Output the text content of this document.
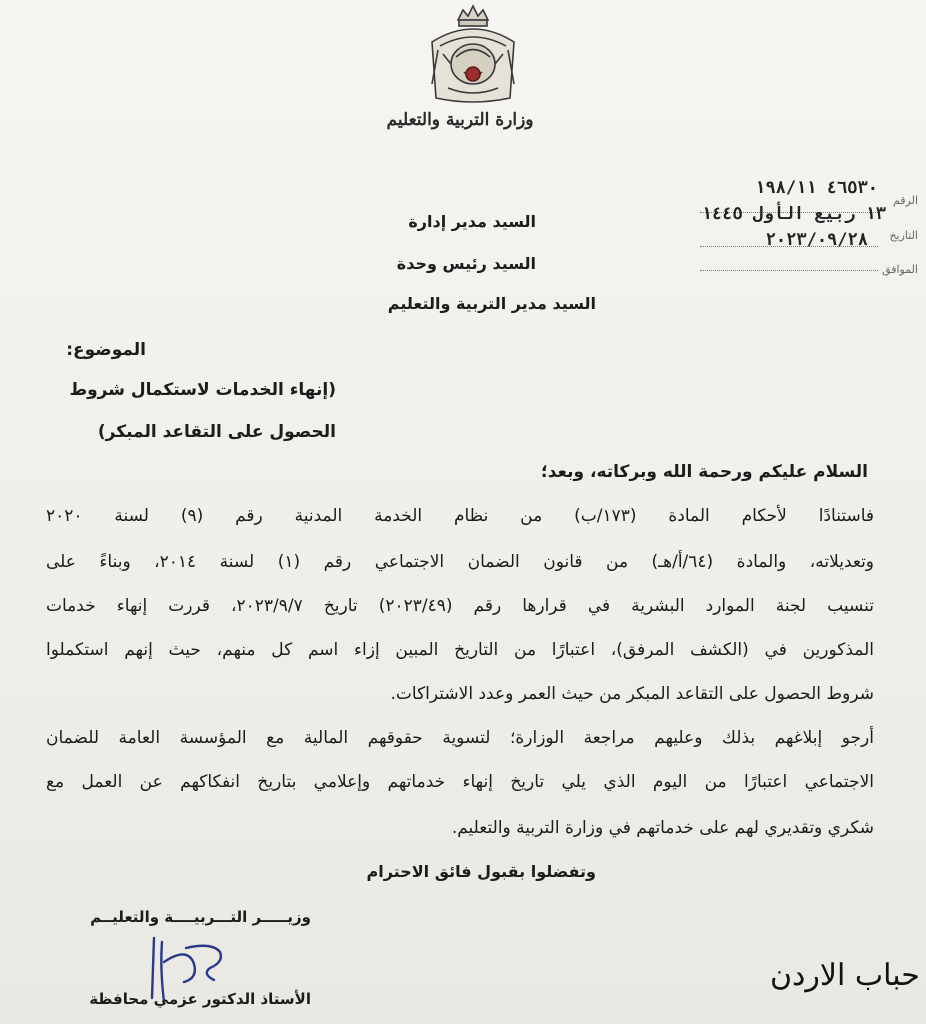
وزارة التربية والتعليم
الرقم
٤٦٥٣٠ ١٩٨/١١
التاريخ
١٣ ربيع الأول ١٤٤٥
٢٠٢٣/٠٩/٢٨
الموافق
السيد مدير إدارة
السيد رئيس وحدة
السيد مدير التربية والتعليم
الموضوع:
(إنهاء الخدمات لاستكمال شروط
الحصول على التقاعد المبكر)
السلام عليكم ورحمة الله وبركاته، وبعد؛
فاستنادًا لأحكام المادة (١٧٣/ب) من نظام الخدمة المدنية رقم (٩) لسنة ٢٠٢٠
وتعديلاته، والمادة (٦٤/أ/هـ) من قانون الضمان الاجتماعي رقم (١) لسنة ٢٠١٤، وبناءً على
تنسيب لجنة الموارد البشرية في قرارها رقم (٢٠٢٣/٤٩) تاريخ ٢٠٢٣/٩/٧، قررت إنهاء خدمات
المذكورين في (الكشف المرفق)، اعتبارًا من التاريخ المبين إزاء اسم كل منهم، حيث إنهم استكملوا
شروط الحصول على التقاعد المبكر من حيث العمر وعدد الاشتراكات.
أرجو إبلاغهم بذلك وعليهم مراجعة الوزارة؛ لتسوية حقوقهم المالية مع المؤسسة العامة للضمان
الاجتماعي اعتبارًا من اليوم الذي يلي تاريخ إنهاء خدماتهم وإعلامي بتاريخ انفكاكهم عن العمل مع
شكري وتقديري لهم على خدماتهم في وزارة التربية والتعليم.
وتفضلوا بقبول فائق الاحترام
وزيـــــر التـــربيــــة والتعليــم
الأستاذ الدكتور عزمي محافظة
حباب الاردن
